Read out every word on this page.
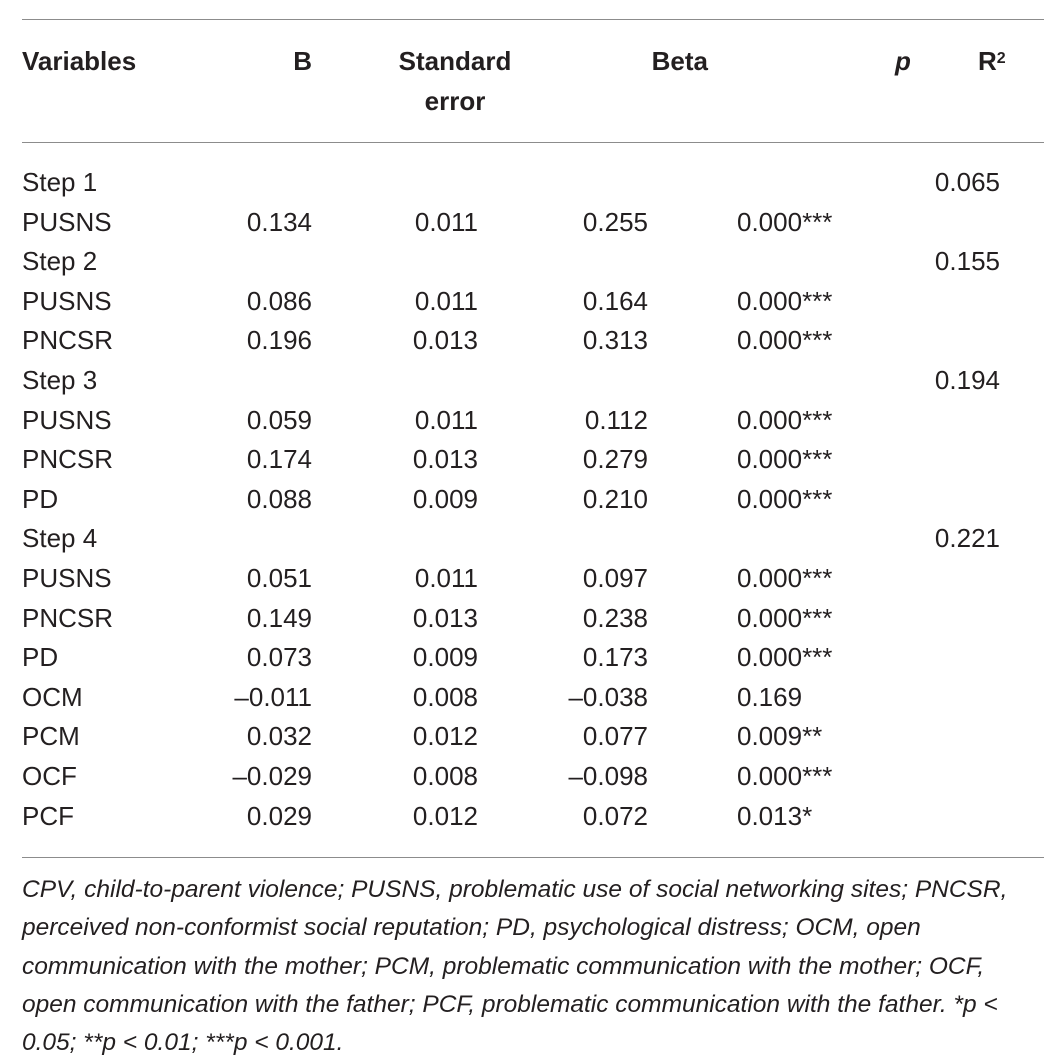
Variables	B	Standard error	Beta	p	$R^2$
Step 1					0.065
PUSNS	0.134	0.011	0.255	0.000***	
Step 2					0.155
PUSNS	0.086	0.011	0.164	0.000***	
PNCSR	0.196	0.013	0.313	0.000***	
Step 3					0.194
PUSNS	0.059	0.011	0.112	0.000***	
PNCSR	0.174	0.013	0.279	0.000***	
PD	0.088	0.009	0.210	0.000***	
Step 4					0.221
PUSNS	0.051	0.011	0.097	0.000***	
PNCSR	0.149	0.013	0.238	0.000***	
PD	0.073	0.009	0.173	0.000***	
OCM	–0.011	0.008	–0.038	0.169	
PCM	0.032	0.012	0.077	0.009**	
OCF	–0.029	0.008	–0.098	0.000***	
PCF	0.029	0.012	0.072	0.013*	
CPV, child-to-parent violence; PUSNS, problematic use of social networking sites; PNCSR, perceived non-conformist social reputation; PD, psychological distress; OCM, open communication with the mother; PCM, problematic communication with the mother; OCF, open communication with the father; PCF, problematic communication with the father. *p < 0.05; **p < 0.01; ***p < 0.001.
